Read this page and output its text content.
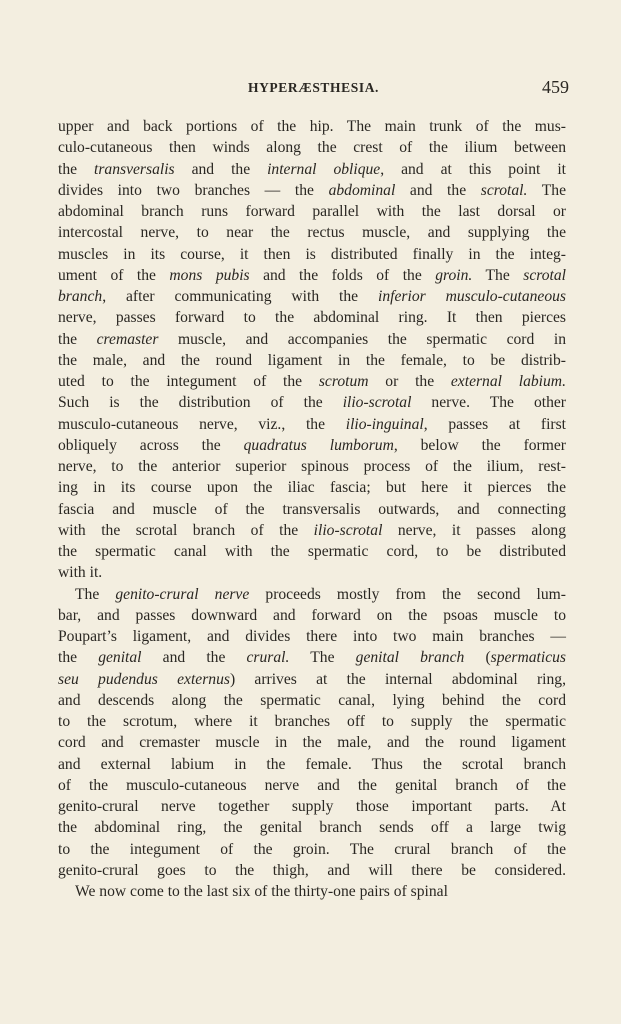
HYPERÆSTHESIA.	459
upper and back portions of the hip. The main trunk of the mus-
culo-cutaneous then winds along the crest of the ilium between
the transversalis and the internal oblique, and at this point it
divides into two branches — the abdominal and the scrotal. The
abdominal branch runs forward parallel with the last dorsal or
intercostal nerve, to near the rectus muscle, and supplying the
muscles in its course, it then is distributed finally in the integ-
ument of the mons pubis and the folds of the groin. The scrotal
branch, after communicating with the inferior musculo-cutaneous
nerve, passes forward to the abdominal ring. It then pierces
the cremaster muscle, and accompanies the spermatic cord in
the male, and the round ligament in the female, to be distrib-
uted to the integument of the scrotum or the external labium.
Such is the distribution of the ilio-scrotal nerve. The other
musculo-cutaneous nerve, viz., the ilio-inguinal, passes at first
obliquely across the quadratus lumborum, below the former
nerve, to the anterior superior spinous process of the ilium, rest-
ing in its course upon the iliac fascia; but here it pierces the
fascia and muscle of the transversalis outwards, and connecting
with the scrotal branch of the ilio-scrotal nerve, it passes along
the spermatic canal with the spermatic cord, to be distributed
with it.
The genito-crural nerve proceeds mostly from the second lum-
bar, and passes downward and forward on the psoas muscle to
Poupart’s ligament, and divides there into two main branches —
the genital and the crural. The genital branch (spermaticus
seu pudendus externus) arrives at the internal abdominal ring,
and descends along the spermatic canal, lying behind the cord
to the scrotum, where it branches off to supply the spermatic
cord and cremaster muscle in the male, and the round ligament
and external labium in the female. Thus the scrotal branch
of the musculo-cutaneous nerve and the genital branch of the
genito-crural nerve together supply those important parts. At
the abdominal ring, the genital branch sends off a large twig
to the integument of the groin. The crural branch of the
genito-crural goes to the thigh, and will there be considered.
We now come to the last six of the thirty-one pairs of spinal
